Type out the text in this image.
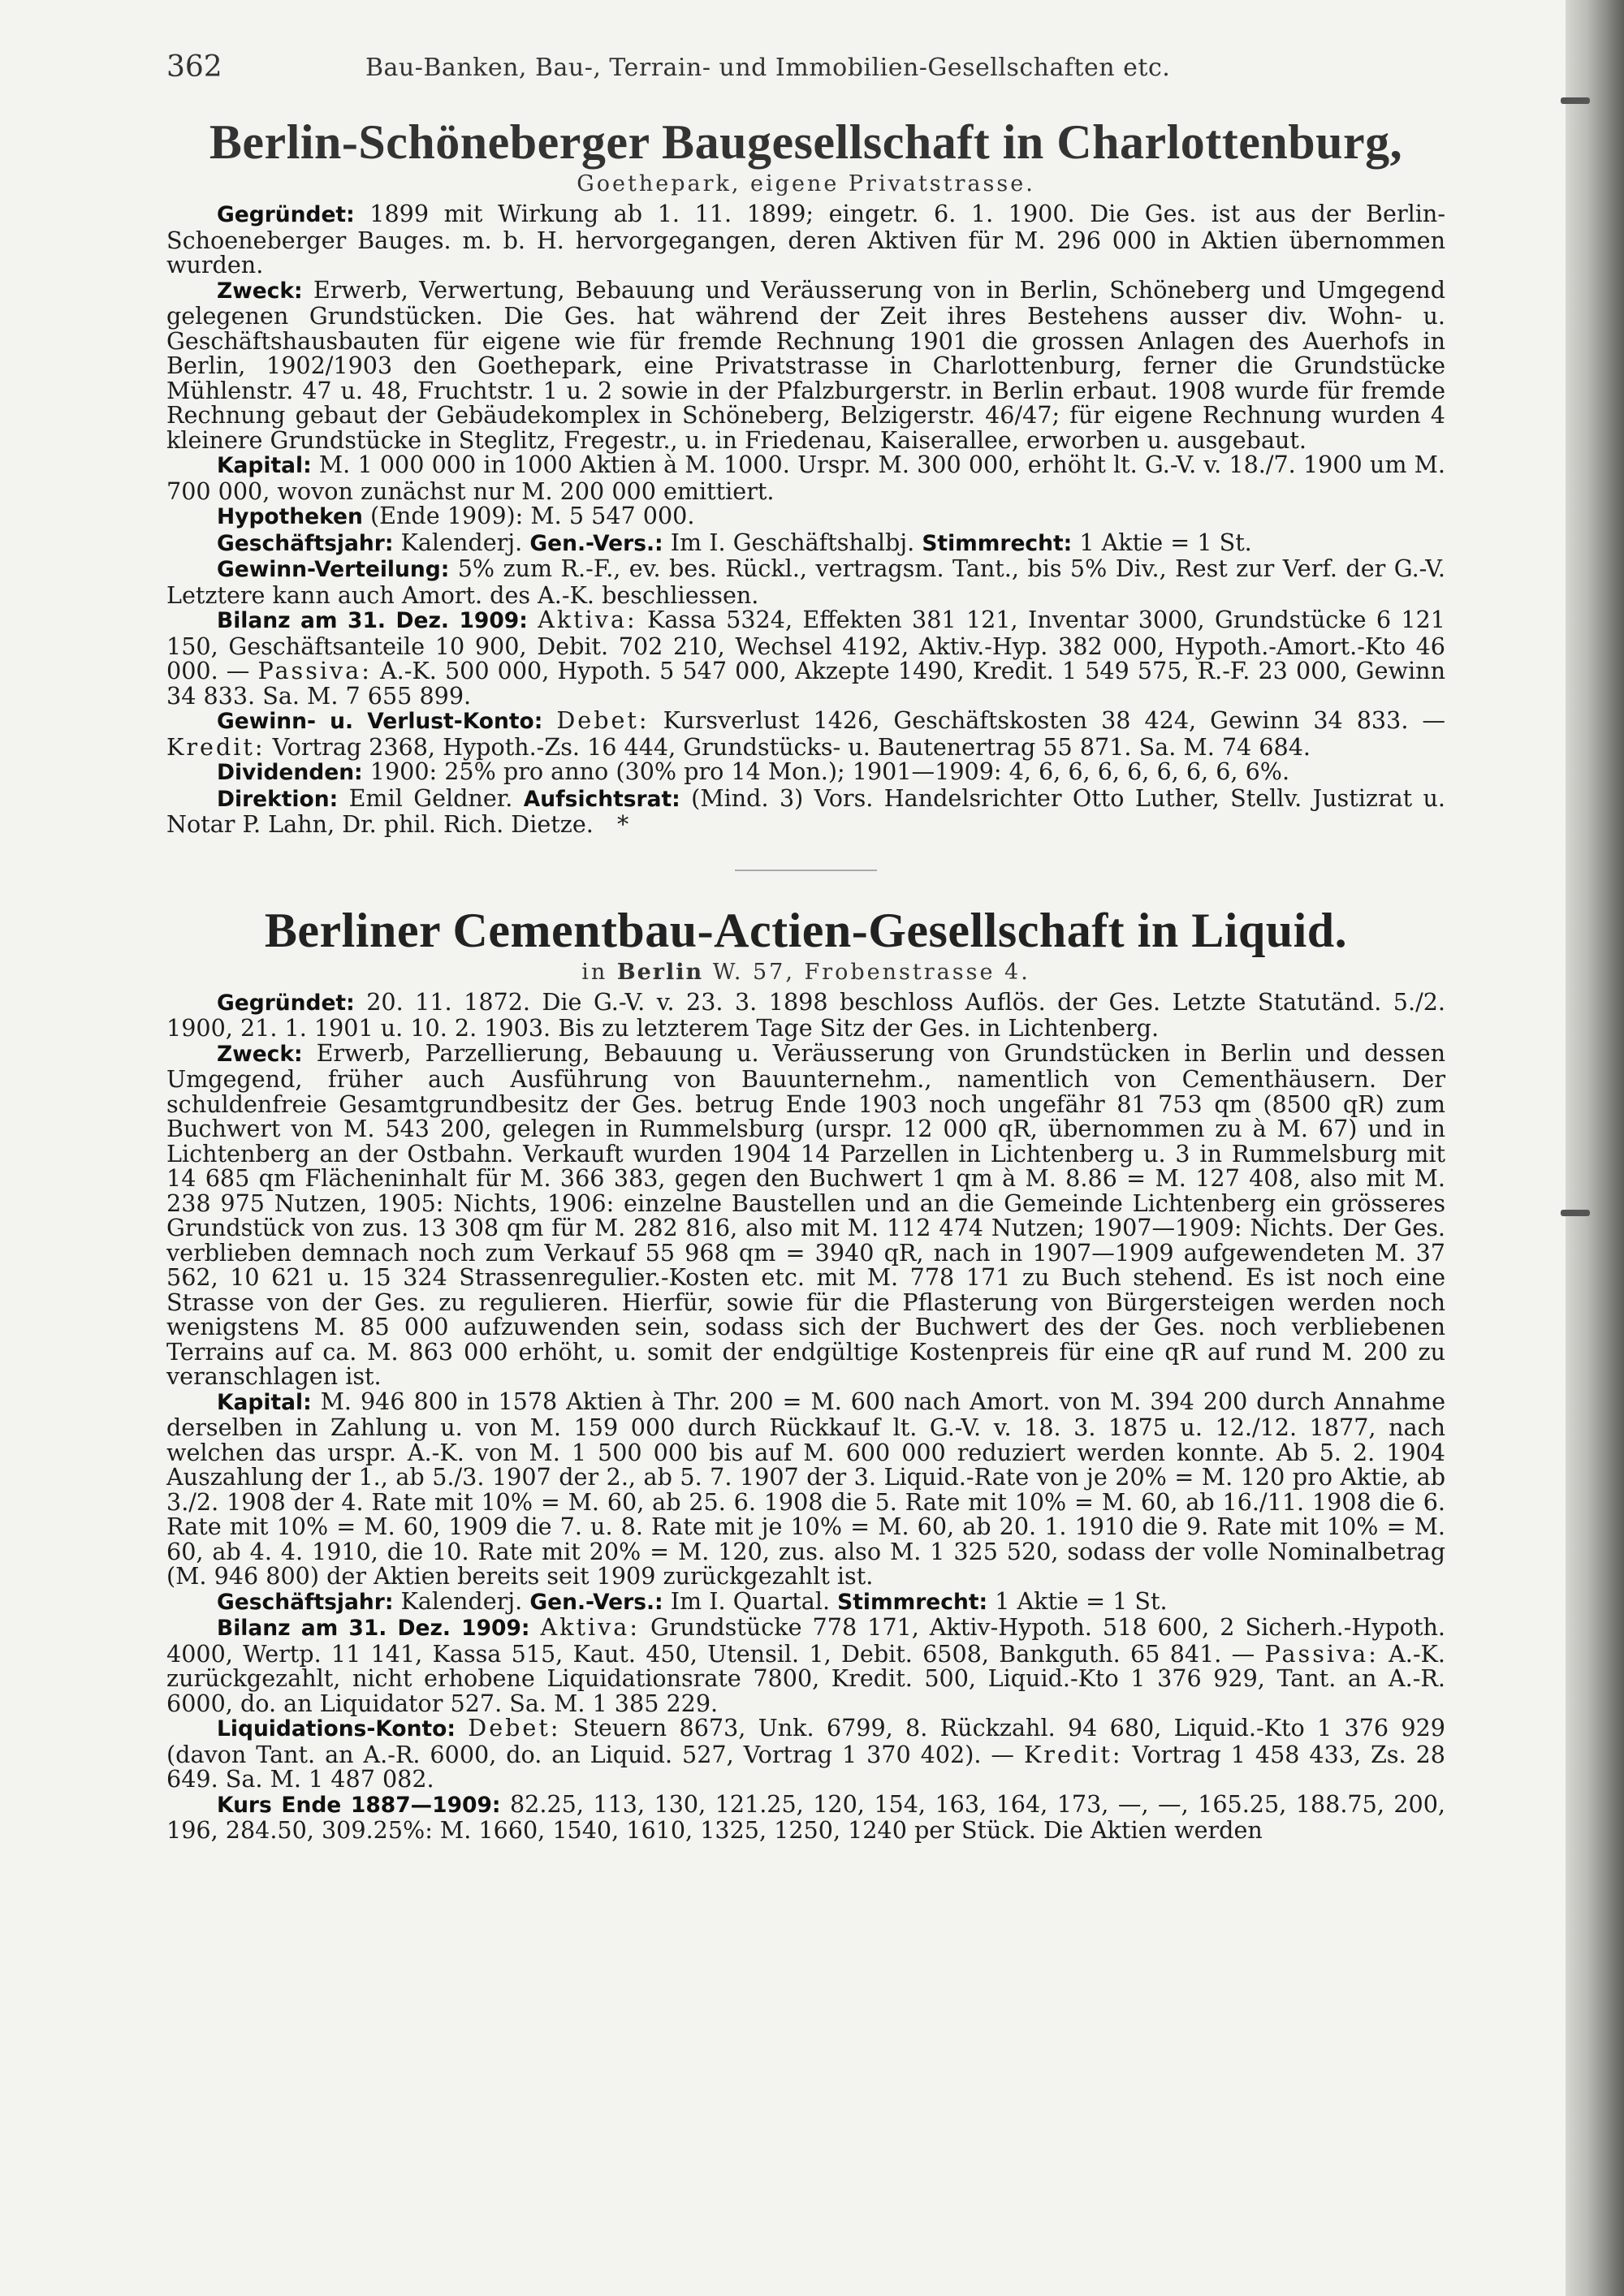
362	Bau-Banken, Bau-, Terrain- und Immobilien-Gesellschaften etc.
Berlin-Schöneberger Baugesellschaft in Charlottenburg,
Goethepark, eigene Privatstrasse.

Gegründet: 1899 mit Wirkung ab 1. 11. 1899; eingetr. 6. 1. 1900. Die Ges. ist aus der Berlin-Schoeneberger Bauges. m. b. H. hervorgegangen, deren Aktiven für M. 296 000 in Aktien übernommen wurden.

Zweck: Erwerb, Verwertung, Bebauung und Veräusserung von in Berlin, Schöneberg und Umgegend gelegenen Grundstücken. Die Ges. hat während der Zeit ihres Bestehens ausser div. Wohn- u. Geschäftshausbauten für eigene wie für fremde Rechnung 1901 die grossen Anlagen des Auerhofs in Berlin, 1902/1903 den Goethepark, eine Privatstrasse in Charlottenburg, ferner die Grundstücke Mühlenstr. 47 u. 48, Fruchtstr. 1 u. 2 sowie in der Pfalzburgerstr. in Berlin erbaut. 1908 wurde für fremde Rechnung gebaut der Gebäudekomplex in Schöneberg, Belzigerstr. 46/47; für eigene Rechnung wurden 4 kleinere Grundstücke in Steglitz, Fregestr., u. in Friedenau, Kaiserallee, erworben u. ausgebaut.

Kapital: M. 1 000 000 in 1000 Aktien à M. 1000. Urspr. M. 300 000, erhöht lt. G.-V. v. 18./7. 1900 um M. 700 000, wovon zunächst nur M. 200 000 emittiert.

Hypotheken (Ende 1909): M. 5 547 000.

Geschäftsjahr: Kalenderj. Gen.-Vers.: Im I. Geschäftshalbj. Stimmrecht: 1 Aktie = 1 St.

Gewinn-Verteilung: 5% zum R.-F., ev. bes. Rückl., vertragsm. Tant., bis 5% Div., Rest zur Verf. der G.-V. Letztere kann auch Amort. des A.-K. beschliessen.

Bilanz am 31. Dez. 1909: Aktiva: Kassa 5324, Effekten 381 121, Inventar 3000, Grundstücke 6 121 150, Geschäftsanteile 10 900, Debit. 702 210, Wechsel 4192, Aktiv.-Hyp. 382 000, Hypoth.-Amort.-Kto 46 000. — Passiva: A.-K. 500 000, Hypoth. 5 547 000, Akzepte 1490, Kredit. 1 549 575, R.-F. 23 000, Gewinn 34 833. Sa. M. 7 655 899.

Gewinn- u. Verlust-Konto: Debet: Kursverlust 1426, Geschäftskosten 38 424, Gewinn 34 833. — Kredit: Vortrag 2368, Hypoth.-Zs. 16 444, Grundstücks- u. Bautenertrag 55 871. Sa. M. 74 684.

Dividenden: 1900: 25% pro anno (30% pro 14 Mon.); 1901—1909: 4, 6, 6, 6, 6, 6, 6, 6, 6%.

Direktion: Emil Geldner. Aufsichtsrat: (Mind. 3) Vors. Handelsrichter Otto Luther, Stellv. Justizrat u. Notar P. Lahn, Dr. phil. Rich. Dietze. *

Berliner Cementbau-Actien-Gesellschaft in Liquid.
in Berlin W. 57, Frobenstrasse 4.

Gegründet: 20. 11. 1872. Die G.-V. v. 23. 3. 1898 beschloss Auflös. der Ges. Letzte Statutänd. 5./2. 1900, 21. 1. 1901 u. 10. 2. 1903. Bis zu letzterem Tage Sitz der Ges. in Lichtenberg.

Zweck: Erwerb, Parzellierung, Bebauung u. Veräusserung von Grundstücken in Berlin und dessen Umgegend, früher auch Ausführung von Bauunternehm., namentlich von Cementhäusern. Der schuldenfreie Gesamtgrundbesitz der Ges. betrug Ende 1903 noch ungefähr 81 753 qm (8500 qR) zum Buchwert von M. 543 200, gelegen in Rummelsburg (urspr. 12 000 qR, übernommen zu à M. 67) und in Lichtenberg an der Ostbahn. Verkauft wurden 1904 14 Parzellen in Lichtenberg u. 3 in Rummelsburg mit 14 685 qm Flächeninhalt für M. 366 383, gegen den Buchwert 1 qm à M. 8.86 = M. 127 408, also mit M. 238 975 Nutzen, 1905: Nichts, 1906: einzelne Baustellen und an die Gemeinde Lichtenberg ein grösseres Grundstück von zus. 13 308 qm für M. 282 816, also mit M. 112 474 Nutzen; 1907—1909: Nichts. Der Ges. verblieben demnach noch zum Verkauf 55 968 qm = 3940 qR, nach in 1907—1909 aufgewendeten M. 37 562, 10 621 u. 15 324 Strassenregulier.-Kosten etc. mit M. 778 171 zu Buch stehend. Es ist noch eine Strasse von der Ges. zu regulieren. Hierfür, sowie für die Pflasterung von Bürgersteigen werden noch wenigstens M. 85 000 aufzuwenden sein, sodass sich der Buchwert des der Ges. noch verbliebenen Terrains auf ca. M. 863 000 erhöht, u. somit der endgültige Kostenpreis für eine qR auf rund M. 200 zu veranschlagen ist.

Kapital: M. 946 800 in 1578 Aktien à Thr. 200 = M. 600 nach Amort. von M. 394 200 durch Annahme derselben in Zahlung u. von M. 159 000 durch Rückkauf lt. G.-V. v. 18. 3. 1875 u. 12./12. 1877, nach welchen das urspr. A.-K. von M. 1 500 000 bis auf M. 600 000 reduziert werden konnte. Ab 5. 2. 1904 Auszahlung der 1., ab 5./3. 1907 der 2., ab 5. 7. 1907 der 3. Liquid.-Rate von je 20% = M. 120 pro Aktie, ab 3./2. 1908 der 4. Rate mit 10% = M. 60, ab 25. 6. 1908 die 5. Rate mit 10% = M. 60, ab 16./11. 1908 die 6. Rate mit 10% = M. 60, 1909 die 7. u. 8. Rate mit je 10% = M. 60, ab 20. 1. 1910 die 9. Rate mit 10% = M. 60, ab 4. 4. 1910, die 10. Rate mit 20% = M. 120, zus. also M. 1 325 520, sodass der volle Nominalbetrag (M. 946 800) der Aktien bereits seit 1909 zurückgezahlt ist.

Geschäftsjahr: Kalenderj. Gen.-Vers.: Im I. Quartal. Stimmrecht: 1 Aktie = 1 St.

Bilanz am 31. Dez. 1909: Aktiva: Grundstücke 778 171, Aktiv-Hypoth. 518 600, 2 Sicherh.-Hypoth. 4000, Wertp. 11 141, Kassa 515, Kaut. 450, Utensil. 1, Debit. 6508, Bankguth. 65 841. — Passiva: A.-K. zurückgezahlt, nicht erhobene Liquidationsrate 7800, Kredit. 500, Liquid.-Kto 1 376 929, Tant. an A.-R. 6000, do. an Liquidator 527. Sa. M. 1 385 229.

Liquidations-Konto: Debet: Steuern 8673, Unk. 6799, 8. Rückzahl. 94 680, Liquid.-Kto 1 376 929 (davon Tant. an A.-R. 6000, do. an Liquid. 527, Vortrag 1 370 402). — Kredit: Vortrag 1 458 433, Zs. 28 649. Sa. M. 1 487 082.

Kurs Ende 1887—1909: 82.25, 113, 130, 121.25, 120, 154, 163, 164, 173, —, —, 165.25, 188.75, 200, 196, 284.50, 309.25%: M. 1660, 1540, 1610, 1325, 1250, 1240 per Stück. Die Aktien werden
